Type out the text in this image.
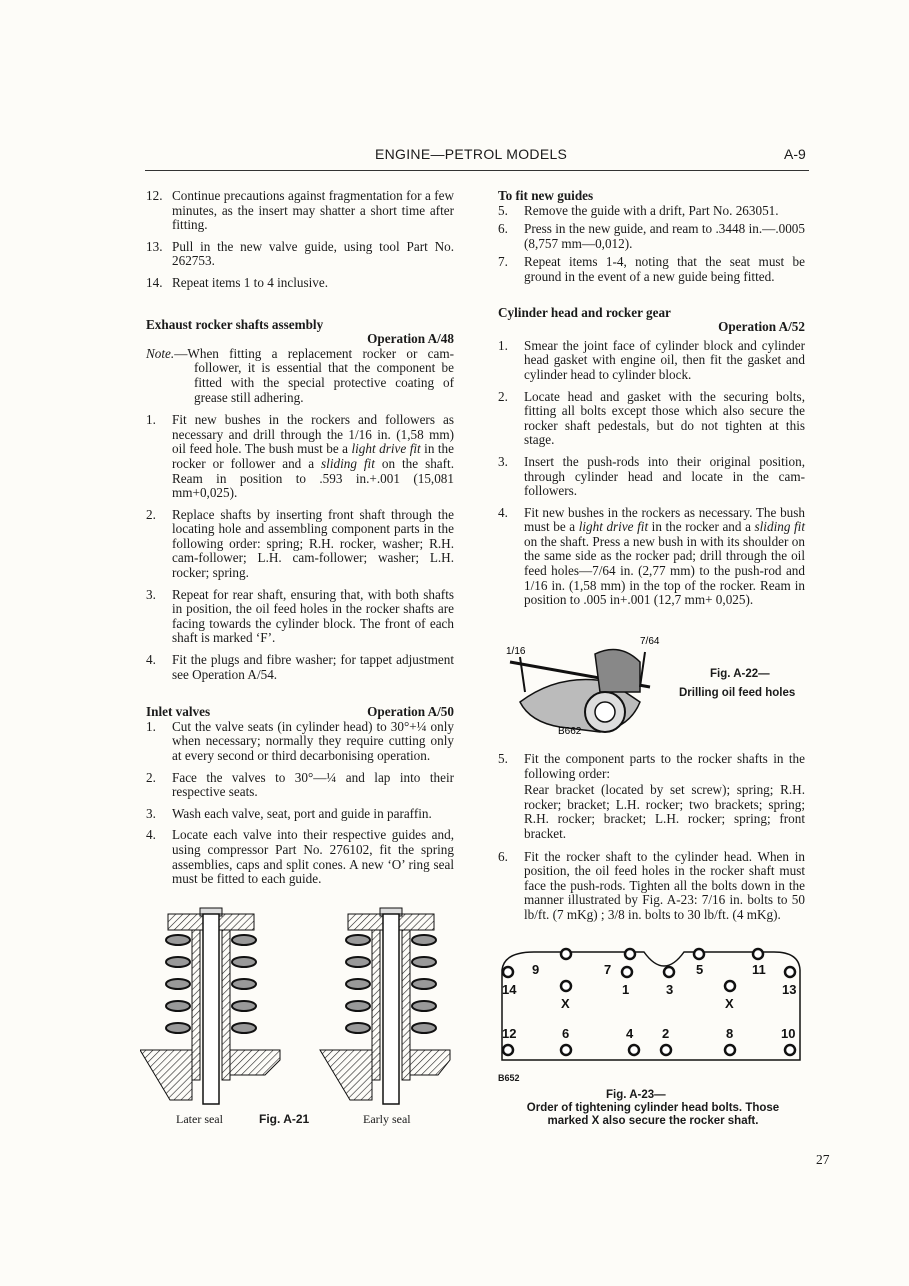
ENGINE—PETROL MODELS	A-9
12. Continue precautions against fragmentation for a few minutes, as the insert may shatter a short time after fitting.
13. Pull in the new valve guide, using tool Part No. 262753.
14. Repeat items 1 to 4 inclusive.
Exhaust rocker shafts assembly
Operation A/48
Note.—When fitting a replacement rocker or cam-follower, it is essential that the component be fitted with the special protective coating of grease still adhering.
1. Fit new bushes in the rockers and followers as necessary and drill through the 1/16 in. (1,58 mm) oil feed hole. The bush must be a light drive fit in the rocker or follower and a sliding fit on the shaft. Ream in position to .593 in.+.001 (15,081 mm+0,025).
2. Replace shafts by inserting front shaft through the locating hole and assembling component parts in the following order: spring; R.H. rocker, washer; R.H. cam-follower; L.H. cam-follower; washer; L.H. rocker; spring.
3. Repeat for rear shaft, ensuring that, with both shafts in position, the oil feed holes in the rocker shafts are facing towards the cylinder block. The front of each shaft is marked ‘F’.
4. Fit the plugs and fibre washer; for tappet adjustment see Operation A/54.
Inlet valves	Operation A/50
1. Cut the valve seats (in cylinder head) to 30°+¼ only when necessary; normally they require cutting only at every second or third decarbonising operation.
2. Face the valves to 30°—¼ and lap into their respective seats.
3. Wash each valve, seat, port and guide in paraffin.
4. Locate each valve into their respective guides and, using compressor Part No. 276102, fit the spring assemblies, caps and split cones. A new ‘O’ ring seal must be fitted to each guide.
Later seal	Fig. A-21	Early seal
To fit new guides
5. Remove the guide with a drift, Part No. 263051.
6. Press in the new guide, and ream to .3448 in.—.0005 (8,757 mm—0,012).
7. Repeat items 1-4, noting that the seat must be ground in the event of a new guide being fitted.
Cylinder head and rocker gear
Operation A/52
1. Smear the joint face of cylinder block and cylinder head gasket with engine oil, then fit the gasket and cylinder head to cylinder block.
2. Locate head and gasket with the securing bolts, fitting all bolts except those which also secure the rocker shaft pedestals, but do not tighten at this stage.
3. Insert the push-rods into their original position, through cylinder head and locate in the cam-followers.
4. Fit new bushes in the rockers as necessary. The bush must be a light drive fit in the rocker and a sliding fit on the shaft. Press a new bush in with its shoulder on the same side as the rocker pad; drill through the oil feed holes—7/64 in. (2,77 mm) to the push-rod and 1/16 in. (1,58 mm) in the top of the rocker. Ream in position to .005 in+.001 (12,7 mm+ 0,025).
1/16
7/64
B662
Fig. A-22—
Drilling oil feed holes
5. Fit the component parts to the rocker shafts in the following order:
Rear bracket (located by set screw); spring; R.H. rocker; bracket; L.H. rocker; two brackets; spring; R.H. rocker; bracket; L.H. rocker; spring; front bracket.
6. Fit the rocker shaft to the cylinder head. When in position, the oil feed holes in the rocker shaft must face the push-rods. Tighten all the bolts down in the manner illustrated by Fig. A-23: 7/16 in. bolts to 50 lb/ft. (7 mKg) ; 3/8 in. bolts to 30 lb/ft. (4 mKg).
9	7	5	11
14	1	3	13
X	X
12	6	4 2	8	10
B652
Fig. A-23—
Order of tightening cylinder head bolts. Those
marked X also secure the rocker shaft.
27
